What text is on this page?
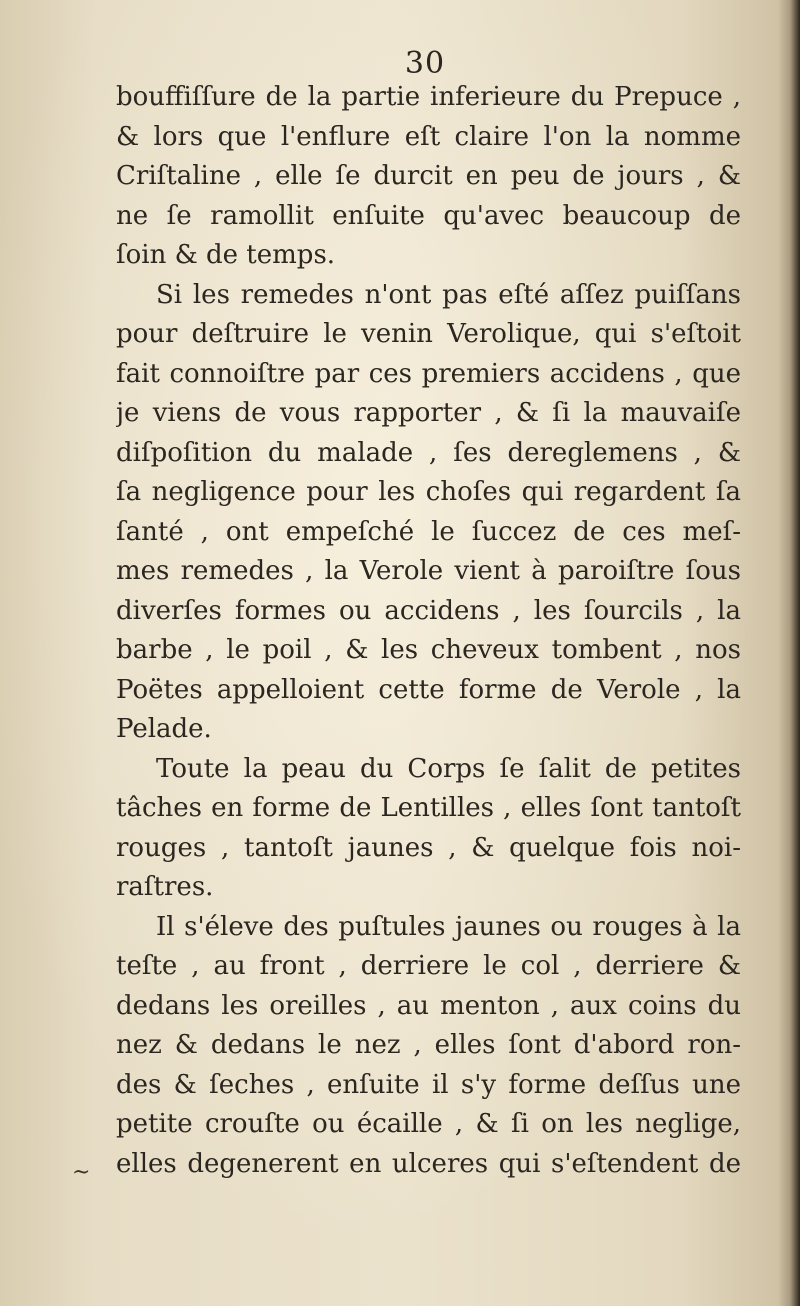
30

bouffiſſure de la partie inferieure du Prepuce ,
& lors que l'enflure eſt claire l'on la nomme
Criſtaline , elle ſe durcit en peu de jours , &
ne ſe ramollit enſuite qu'avec beaucoup de
ſoin & de temps.
Si les remedes n'ont pas eſté aſſez puiſſans
pour deſtruire le venin Verolique, qui s'eſtoit
fait connoiſtre par ces premiers accidens , que
je viens de vous rapporter , & ſi la mauvaiſe
diſpoſition du malade , ſes dereglemens , &
ſa negligence pour les choſes qui regardent ſa
ſanté , ont empeſché le ſuccez de ces meſ-
mes remedes , la Verole vient à paroiſtre ſous
diverſes formes ou accidens , les ſourcils , la
barbe , le poil , & les cheveux tombent , nos
Poëtes appelloient cette forme de Verole , la
Pelade.
Toute la peau du Corps ſe ſalit de petites
tâches en forme de Lentilles , elles ſont tantoſt
rouges , tantoſt jaunes , & quelque fois noi-
raſtres.
Il s'éleve des puſtules jaunes ou rouges à la
teſte , au front , derriere le col , derriere &
dedans les oreilles , au menton , aux coins du
nez & dedans le nez , elles ſont d'abord ron-
des & ſeches , enſuite il s'y forme deſſus une
petite crouſte ou écaille , & ſi on les neglige,
elles degenerent en ulceres qui s'eſtendent de

~
